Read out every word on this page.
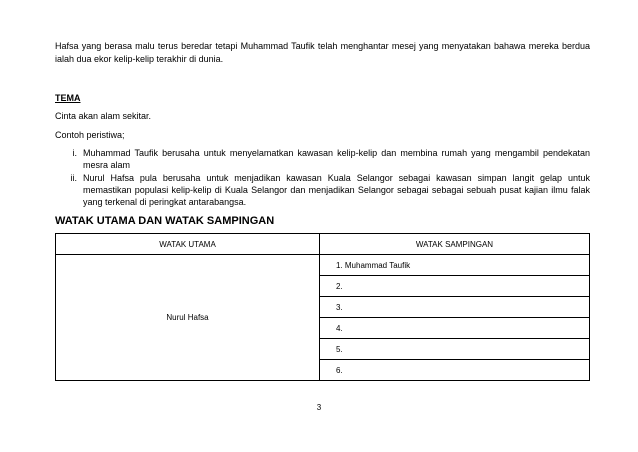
Hafsa yang berasa malu terus beredar tetapi Muhammad Taufik telah menghantar mesej yang menyatakan bahawa mereka berdua ialah dua ekor kelip-kelip terakhir di dunia.

TEMA

Cinta akan alam sekitar.

Contoh peristiwa;

i. Muhammad Taufik berusaha untuk menyelamatkan kawasan kelip-kelip dan membina rumah yang mengambil pendekatan mesra alam
ii. Nurul Hafsa pula berusaha untuk menjadikan kawasan Kuala Selangor sebagai kawasan simpan langit gelap untuk memastikan populasi kelip-kelip di Kuala Selangor dan menjadikan Selangor sebagai sebagai sebuah pusat kajian ilmu falak yang terkenal di peringkat antarabangsa.

WATAK UTAMA DAN WATAK SAMPINGAN

WATAK UTAMA	WATAK SAMPINGAN
Nurul Hafsa	1. Muhammad Taufik
	2.
	3.
	4.
	5.
	6.
3
